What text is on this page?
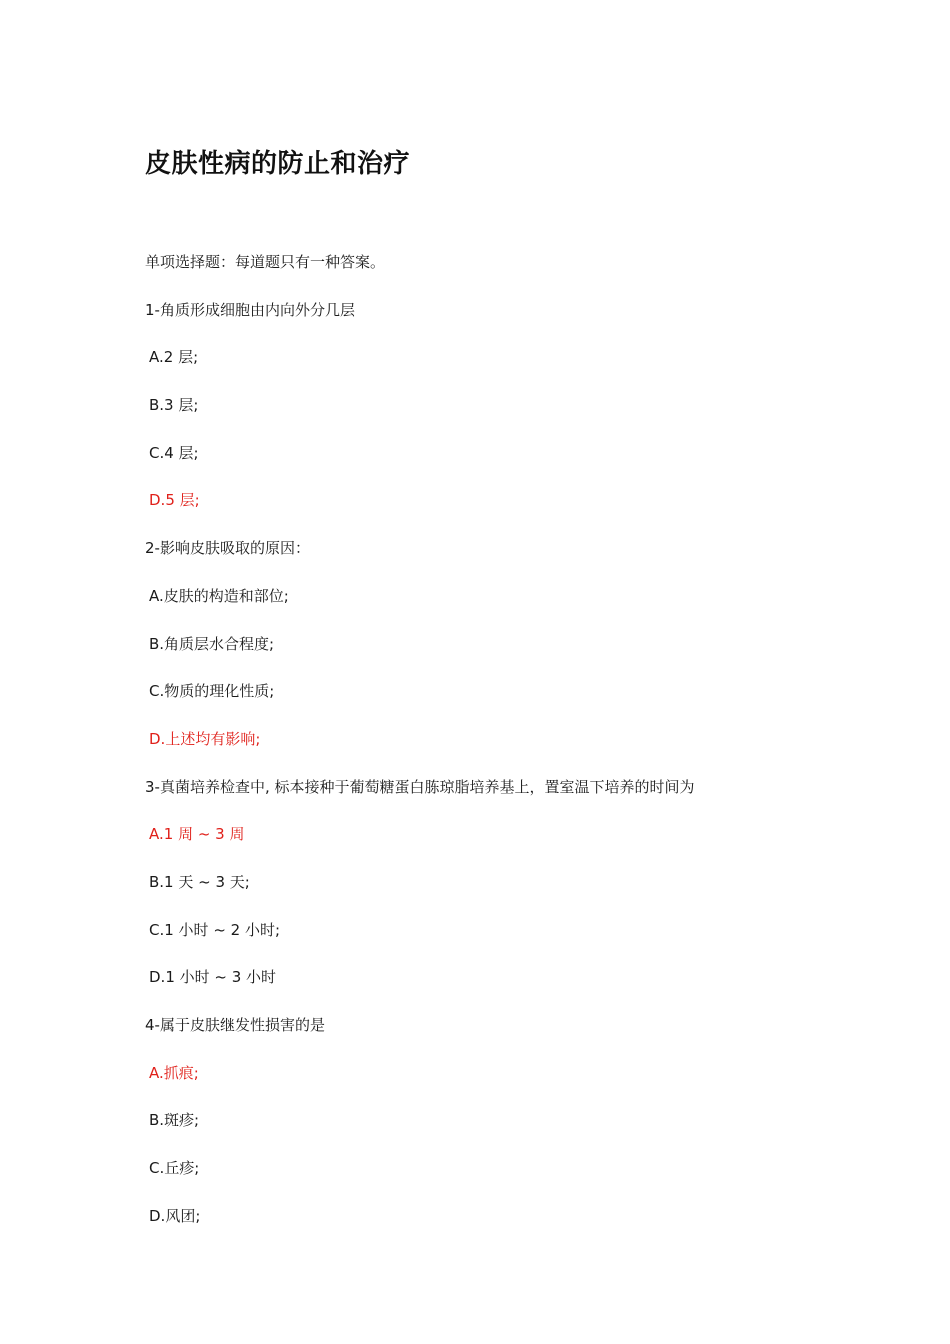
皮肤性病的防止和治疗
单项选择题：每道题只有一种答案。
1-角质形成细胞由内向外分几层
A.2 层;
B.3 层;
C.4 层;
D.5 层;
2-影响皮肤吸取的原因：
A.皮肤的构造和部位;
B.角质层水合程度;
C.物质的理化性质;
D.上述均有影响;
3-真菌培养检查中, 标本接种于葡萄糖蛋白胨琼脂培养基上，置室温下培养的时间为
A.1 周 ~ 3 周
B.1 天 ~ 3 天;
C.1 小时 ~ 2 小时;
D.1 小时 ~ 3 小时
4-属于皮肤继发性损害的是
A.抓痕;
B.斑疹;
C.丘疹;
D.风团;
